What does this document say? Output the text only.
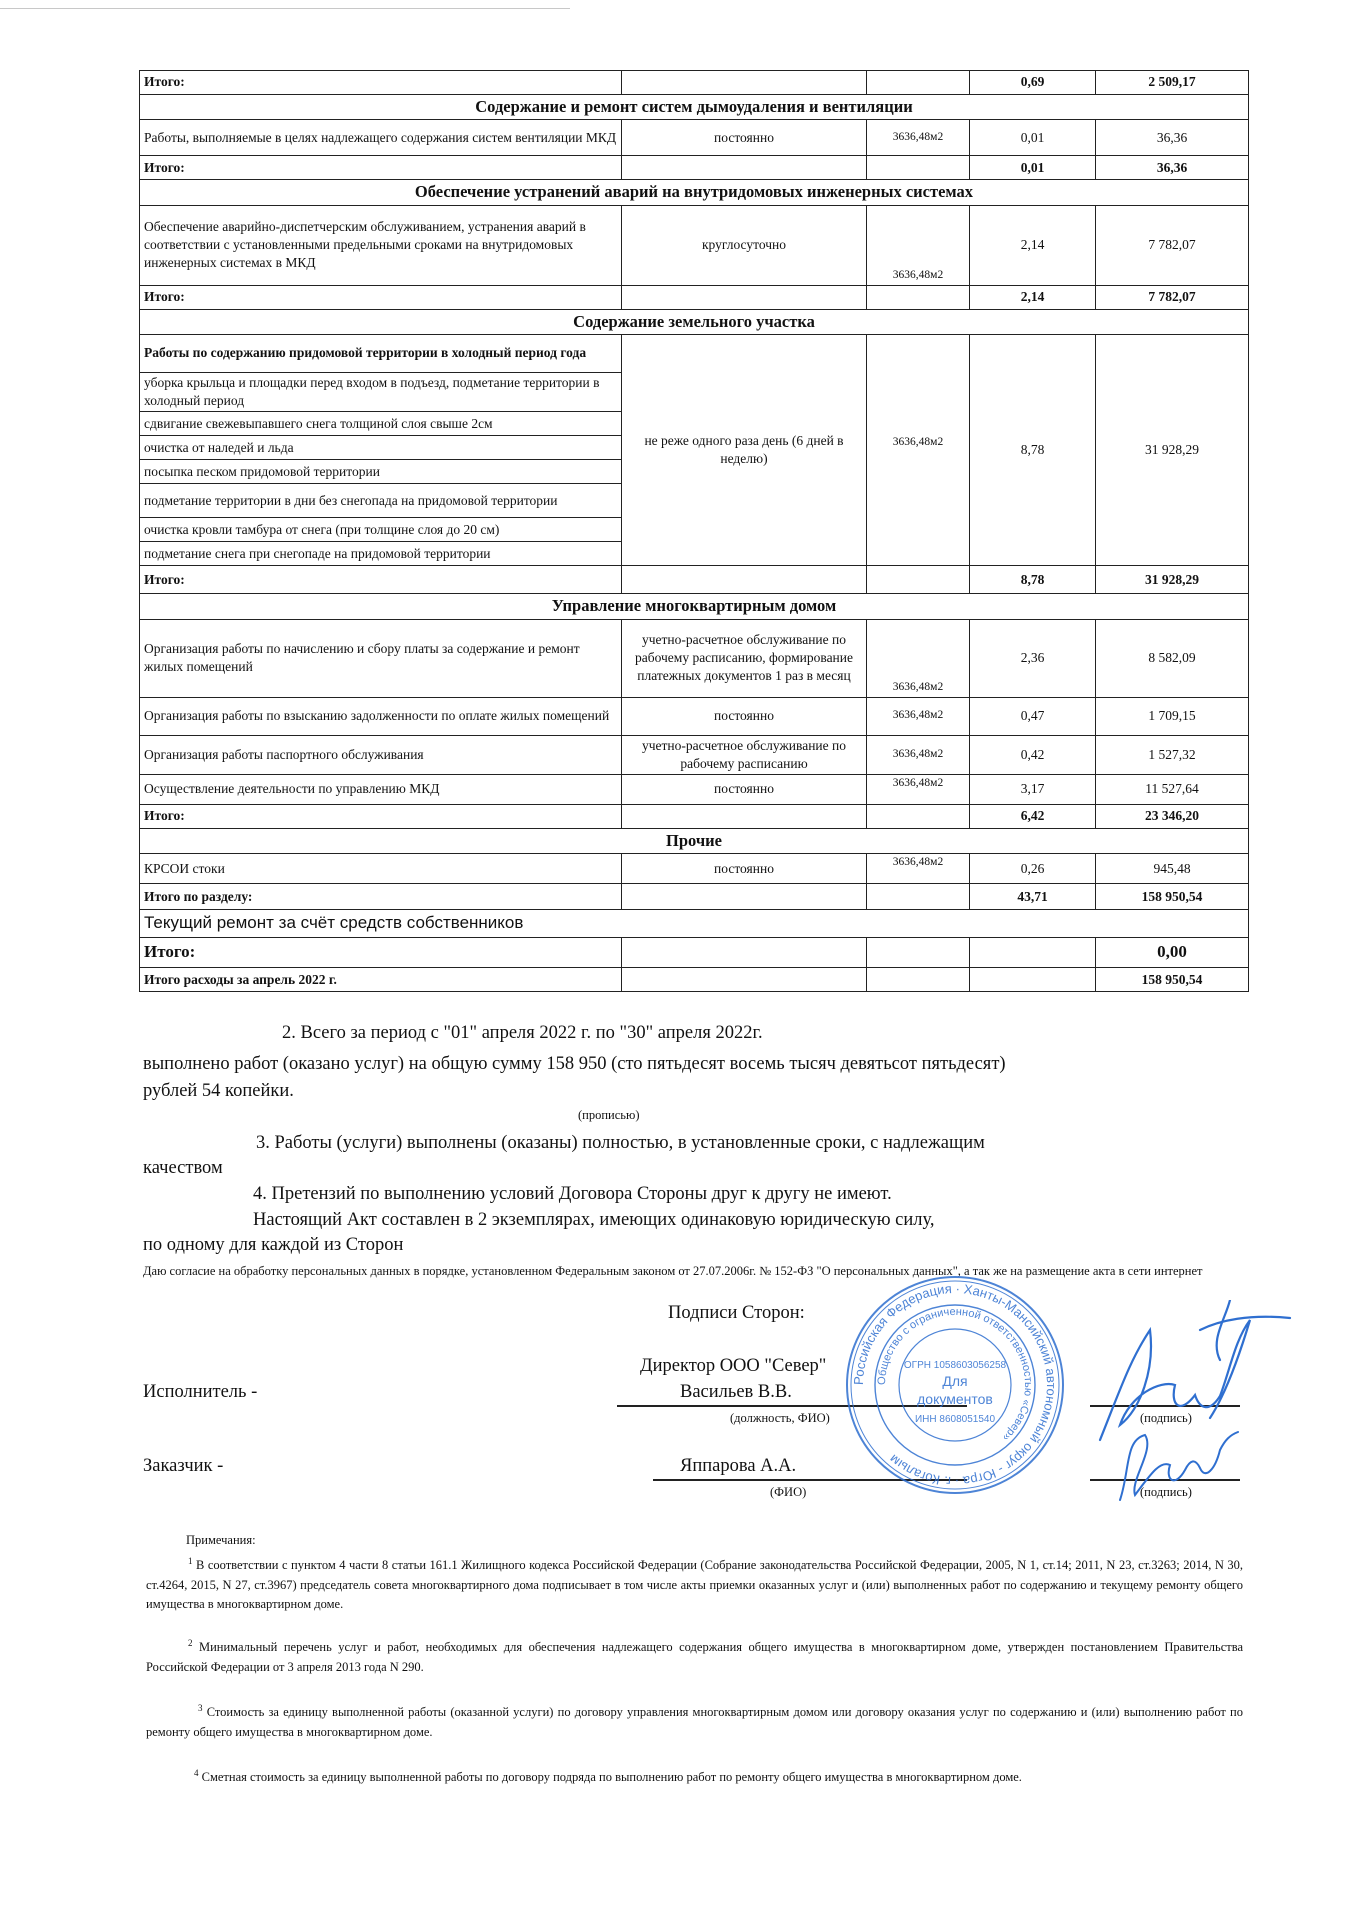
Итого:			0,69	2 509,17
Содержание и ремонт систем дымоудаления и вентиляции				
Работы, выполняемые в целях надлежащего содержания систем вентиляции МКД	постоянно	3636,48м2	0,01	36,36
Итого:			0,01	36,36
Обеспечение устранений аварий на внутридомовых инженерных системах				
Обеспечение аварийно-диспетчерским обслуживанием, устранения аварий в соответствии с установленными предельными сроками на внутридомовых инженерных системах в МКД	круглосуточно	3636,48м2	2,14	7 782,07
Итого:			2,14	7 782,07
Содержание земельного участка				
Работы по содержанию придомовой территории в холодный период года	не реже одного раза день (6 дней в неделю)	3636,48м2	8,78	31 928,29
уборка крыльца и площадки перед входом в подъезд, подметание территории в холодный период				
сдвигание свежевыпавшего снега толщиной слоя свыше 2см				
очистка от наледей и льда				
посыпка песком придомовой территории				
подметание территории в дни без снегопада на придомовой территории				
очистка кровли тамбура от снега (при толщине слоя до 20 см)				
подметание снега при снегопаде на придомовой территории				
Итого:			8,78	31 928,29
Управление многоквартирным домом				
Организация работы по начислению и сбору платы за содержание и ремонт жилых помещений	учетно-расчетное обслуживание по рабочему расписанию, формирование платежных документов 1 раз в месяц	3636,48м2	2,36	8 582,09
Организация работы по взысканию задолженности по оплате жилых помещений	постоянно	3636,48м2	0,47	1 709,15
Организация работы паспортного обслуживания	учетно-расчетное обслуживание по рабочему расписанию	3636,48м2	0,42	1 527,32
Осуществление деятельности по управлению МКД	постоянно	3636,48м2	3,17	11 527,64
Итого:			6,42	23 346,20
Прочие				
КРСОИ стоки	постоянно	3636,48м2	0,26	945,48
Итого по разделу:			43,71	158 950,54
Текущий ремонт за счёт средств собственников				
Итого:				0,00
Итого расходы за апрель 2022 г.				158 950,54
2. Всего за период с "01" апреля 2022 г. по "30" апреля 2022г.
выполнено работ (оказано услуг) на общую сумму 158 950 (сто пятьдесят восемь тысяч девятьсот пятьдесят)
рублей 54 копейки.
(прописью)
3. Работы (услуги) выполнены (оказаны) полностью, в установленные сроки, с надлежащим
качеством
4. Претензий по выполнению условий Договора Стороны друг к другу не имеют.
Настоящий Акт составлен в 2 экземплярах, имеющих одинаковую юридическую силу,
по одному для каждой из Сторон
Даю согласие на обработку персональных данных в порядке, установленном Федеральным законом от 27.07.2006г. № 152-ФЗ "О персональных данных", а так же на размещение акта в сети интернет
Подписи Сторон:
Директор ООО "Север"
Исполнитель -	Васильев В.В.
(должность, ФИО)	(подпись)
Заказчик -	Яппарова А.А.
(ФИО)	(подпись)
Российская Федерация · Ханты-Мансийский автономный округ - Югра · г. Когалым
Общество с ограниченной ответственностью «Север»
ОГРН 1058603056258
Для
документов
ИНН 8608051540
Примечания:
$^1$ В соответствии с пунктом 4 части 8 статьи 161.1 Жилищного кодекса Российской Федерации (Собрание законодательства Российской Федерации, 2005, N 1, ст.14; 2011, N 23, ст.3263; 2014, N 30, ст.4264, 2015, N 27, ст.3967) председатель совета многоквартирного дома подписывает в том числе акты приемки оказанных услуг и (или) выполненных работ по содержанию и текущему ремонту общего имущества в многоквартирном доме.
$^2$ Минимальный перечень услуг и работ, необходимых для обеспечения надлежащего содержания общего имущества в многоквартирном доме, утвержден постановлением Правительства Российской Федерации от 3 апреля 2013 года N 290.
$^3$ Стоимость за единицу выполненной работы (оказанной услуги) по договору управления многоквартирным домом или договору оказания услуг по содержанию и (или) выполнению работ по ремонту общего имущества в многоквартирном доме.
$^4$ Сметная стоимость за единицу выполненной работы по договору подряда по выполнению работ по ремонту общего имущества в многоквартирном доме.
